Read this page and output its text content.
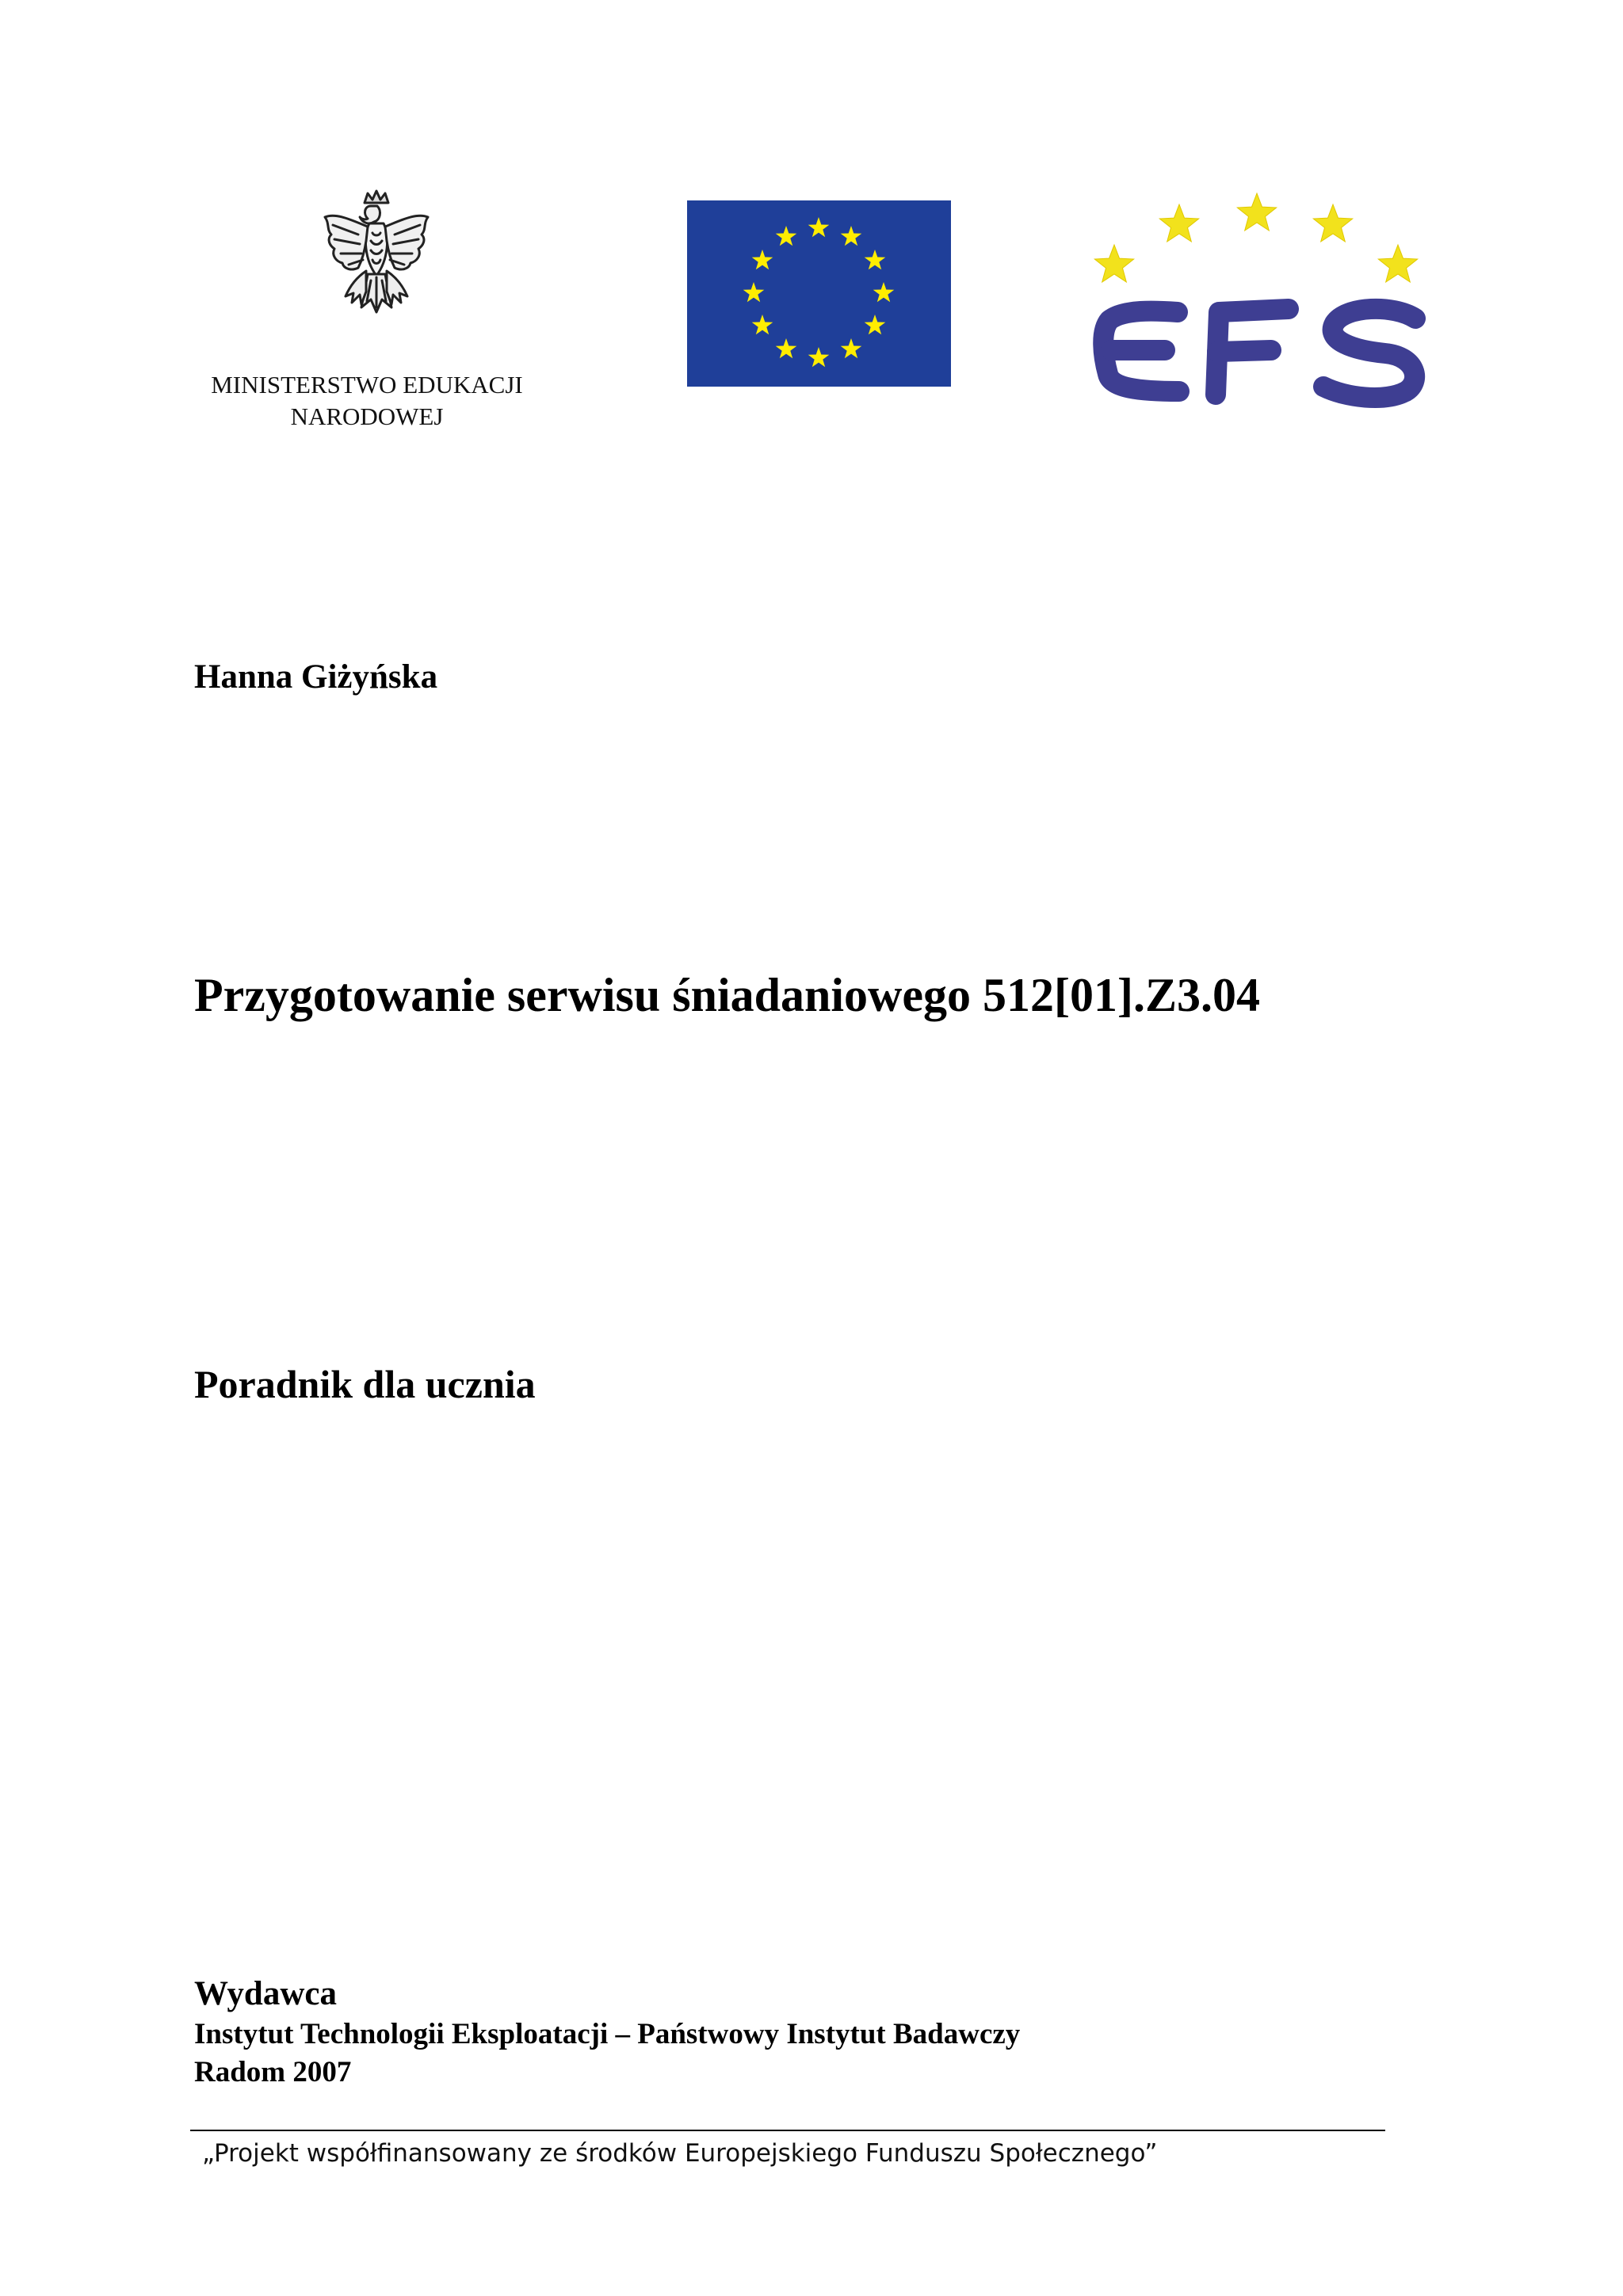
MINISTERSTWO EDUKACJI
NARODOWEJ
Hanna Giżyńska
Przygotowanie serwisu śniadaniowego 512[01].Z3.04
Poradnik dla ucznia
Wydawca
Instytut Technologii Eksploatacji – Państwowy Instytut Badawczy
Radom 2007
„Projekt współfinansowany ze środków Europejskiego Funduszu Społecznego”
